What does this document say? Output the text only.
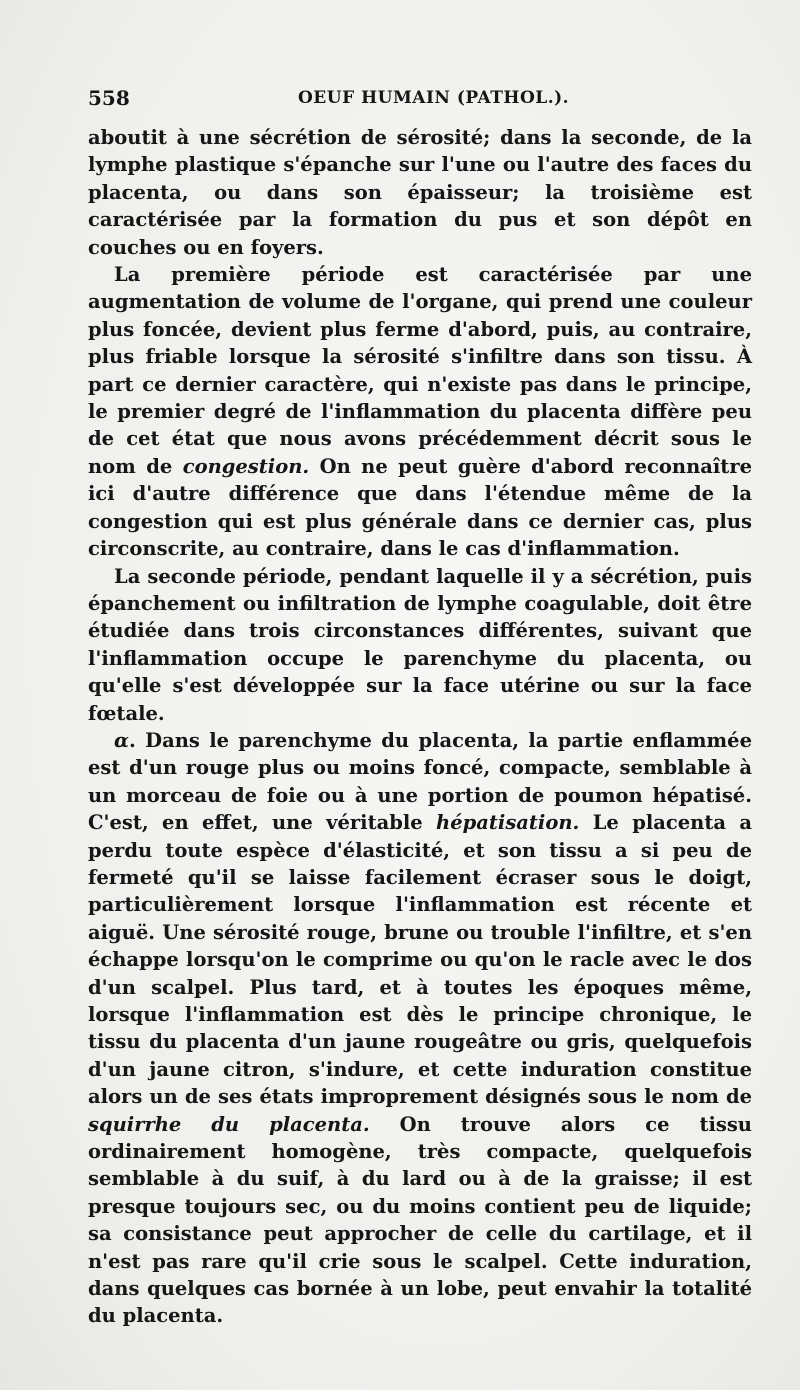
558	OEUF HUMAIN (PATHOL.).

aboutit à une sécrétion de sérosité; dans la seconde, de la lymphe plastique s'épanche sur l'une ou l'autre des faces du placenta, ou dans son épaisseur; la troisième est caractérisée par la formation du pus et son dépôt en couches ou en foyers.

La première période est caractérisée par une augmentation de volume de l'organe, qui prend une couleur plus foncée, devient plus ferme d'abord, puis, au contraire, plus friable lorsque la sérosité s'infiltre dans son tissu. À part ce dernier caractère, qui n'existe pas dans le principe, le premier degré de l'inflammation du placenta diffère peu de cet état que nous avons précédemment décrit sous le nom de congestion. On ne peut guère d'abord reconnaître ici d'autre différence que dans l'étendue même de la congestion qui est plus générale dans ce dernier cas, plus circonscrite, au contraire, dans le cas d'inflammation.

La seconde période, pendant laquelle il y a sécrétion, puis épanchement ou infiltration de lymphe coagulable, doit être étudiée dans trois circonstances différentes, suivant que l'inflammation occupe le parenchyme du placenta, ou qu'elle s'est développée sur la face utérine ou sur la face fœtale.

α. Dans le parenchyme du placenta, la partie enflammée est d'un rouge plus ou moins foncé, compacte, semblable à un morceau de foie ou à une portion de poumon hépatisé. C'est, en effet, une véritable hépatisation. Le placenta a perdu toute espèce d'élasticité, et son tissu a si peu de fermeté qu'il se laisse facilement écraser sous le doigt, particulièrement lorsque l'inflammation est récente et aiguë. Une sérosité rouge, brune ou trouble l'infiltre, et s'en échappe lorsqu'on le comprime ou qu'on le racle avec le dos d'un scalpel. Plus tard, et à toutes les époques même, lorsque l'inflammation est dès le principe chronique, le tissu du placenta d'un jaune rougeâtre ou gris, quelquefois d'un jaune citron, s'indure, et cette induration constitue alors un de ses états improprement désignés sous le nom de squirrhe du placenta. On trouve alors ce tissu ordinairement homogène, très compacte, quelquefois semblable à du suif, à du lard ou à de la graisse; il est presque toujours sec, ou du moins contient peu de liquide; sa consistance peut approcher de celle du cartilage, et il n'est pas rare qu'il crie sous le scalpel. Cette induration, dans quelques cas bornée à un lobe, peut envahir la totalité du placenta.
